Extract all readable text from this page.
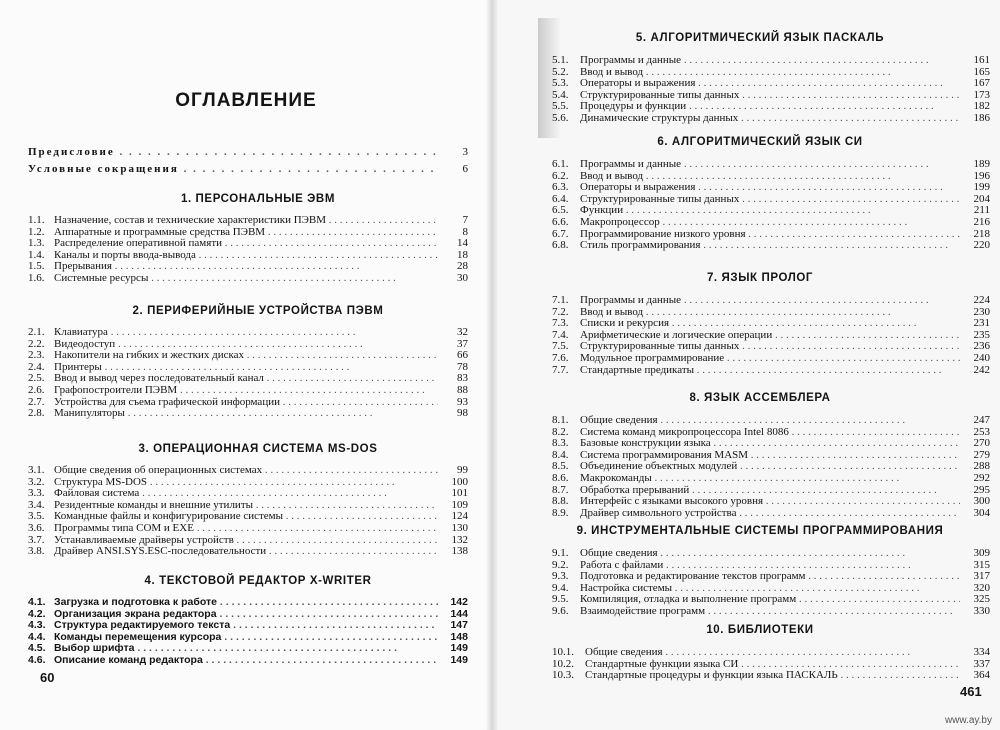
ОГЛАВЛЕНИЕ
Предисловие . .	3
Условные сокращения . .	6
1. ПЕРСОНАЛЬНЫЕ ЭВМ
1.1. Назначение, состав и технические характеристики ПЭВМ . .	7
1.2. Аппаратные и программные средства ПЭВМ . .	8
1.3. Распределение оперативной памяти . .	14
1.4. Каналы и порты ввода-вывода . .	18
1.5. Прерывания . .	28
1.6. Системные ресурсы . .	30
2. ПЕРИФЕРИЙНЫЕ УСТРОЙСТВА ПЭВМ
2.1. Клавиатура . .	32
2.2. Видеодоступ . .	37
2.3. Накопители на гибких и жестких дисках . .	66
2.4. Принтеры . .	78
2.5. Ввод и вывод через последовательный канал . .	83
2.6. Графопостроители ПЭВМ . .	88
2.7. Устройства для съема графической информации . .	93
2.8. Манипуляторы . .	98
3. ОПЕРАЦИОННАЯ СИСТЕМА MS-DOS
3.1. Общие сведения об операционных системах . .	99
3.2. Структура MS-DOS . .	100
3.3. Файловая система . .	101
3.4. Резидентные команды и внешние утилиты . .	109
3.5. Командные файлы и конфигурирование системы . .	124
3.6. Программы типа COM и EXE . .	130
3.7. Устанавливаемые драйверы устройств . .	132
3.8. Драйвер ANSI.SYS.ESC-последовательности . .	138
4. ТЕКСТОВОЙ РЕДАКТОР X-WRITER
4.1. Загрузка и подготовка к работе . .	142
4.2. Организация экрана редактора . .	144
4.3. Структура редактируемого текста . .	147
4.4. Команды перемещения курсора . .	148
4.5. Выбор шрифта . .	149
4.6. Описание команд редактора . .	149
5. АЛГОРИТМИЧЕСКИЙ ЯЗЫК ПАСКАЛЬ
5.1. Программы и данные . .	161
5.2. Ввод и вывод . .	165
5.3. Операторы и выражения . .	167
5.4. Структурированные типы данных . .	173
5.5. Процедуры и функции . .	182
5.6. Динамические структуры данных . .	186
6. АЛГОРИТМИЧЕСКИЙ ЯЗЫК СИ
6.1. Программы и данные . .	189
6.2. Ввод и вывод . .	196
6.3. Операторы и выражения . .	199
6.4. Структурированные типы данных . .	204
6.5. Функции . .	211
6.6. Макропроцессор . .	216
6.7. Программирование низкого уровня . .	218
6.8. Стиль программирования . .	220
7. ЯЗЫК ПРОЛОГ
7.1. Программы и данные . .	224
7.2. Ввод и вывод . .	230
7.3. Списки и рекурсия . .	231
7.4. Арифметические и логические операции . .	235
7.5. Структурированные типы данных . .	236
7.6. Модульное программирование . .	240
7.7. Стандартные предикаты . .	242
8. ЯЗЫК АССЕМБЛЕРА
8.1. Общие сведения . .	247
8.2. Система команд микропроцессора Intel 8086 . .	253
8.3. Базовые конструкции языка . .	270
8.4. Система программирования MASM . .	279
8.5. Объединение объектных модулей . .	288
8.6. Макрокоманды . .	292
8.7. Обработка прерываний . .	295
8.8. Интерфейс с языками высокого уровня . .	300
8.9. Драйвер символьного устройства . .	304
9. ИНСТРУМЕНТАЛЬНЫЕ СИСТЕМЫ ПРОГРАММИРОВАНИЯ
9.1. Общие сведения . .	309
9.2. Работа с файлами . .	315
9.3. Подготовка и редактирование текстов программ . .	317
9.4. Настройка системы . .	320
9.5. Компиляция, отладка и выполнение программ . .	325
9.6. Взаимодействие программ . .	330
10. БИБЛИОТЕКИ
10.1. Общие сведения . .	334
10.2. Стандартные функции языка СИ . .	337
10.3. Стандартные процедуры и функции языка ПАСКАЛЬ . .	364
60
461
www.ay.by
